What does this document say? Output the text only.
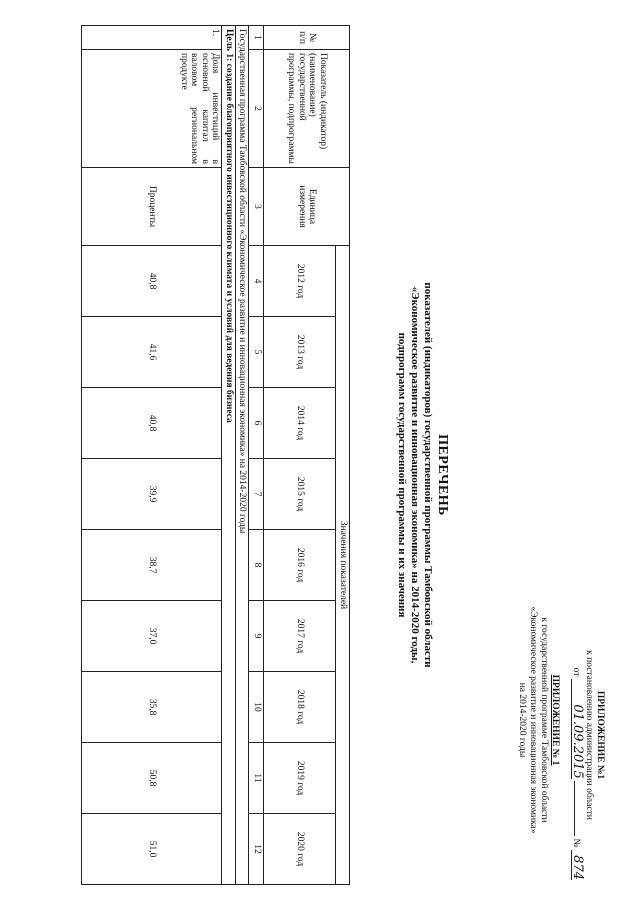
ПРИЛОЖЕНИЕ №1
к постановлению администрации области
от 01.09.2015  № 874
ПРИЛОЖЕНИЕ № 1
к государственной программе Тамбовской области
«Экономическое развитие и инновационная экономика»
на 2014-2020 годы
ПЕРЕЧЕНЬ
показателей (индикаторов) государственной программы Тамбовской области
«Экономическое развитие и инновационная экономика» на 2014-2020 годы,
подпрограмм государственной программы и их значения
№ п/п	Показатель (индикатор) (наименование) государственной программы, подпрограммы	Единица измерения	Значения показателей								
			2012 год	2013 год	2014 год	2015 год	2016 год	2017 год	2018 год	2019 год	2020 год
1	2	3	4	5	6	7	8	9	10	11	12
Государственная программа Тамбовской области «Экономическое развитие и инновационная экономика» на 2014-2020 годы											
Цель 1: создание благоприятного инвестиционного климата и условий для ведения бизнеса											
1.	Доля инвестиций в основной капитал в валовом региональном продукте	Проценты	40,8	41,6	40,8	39,9	38,7	37,0	35,8	50,8	51,0
